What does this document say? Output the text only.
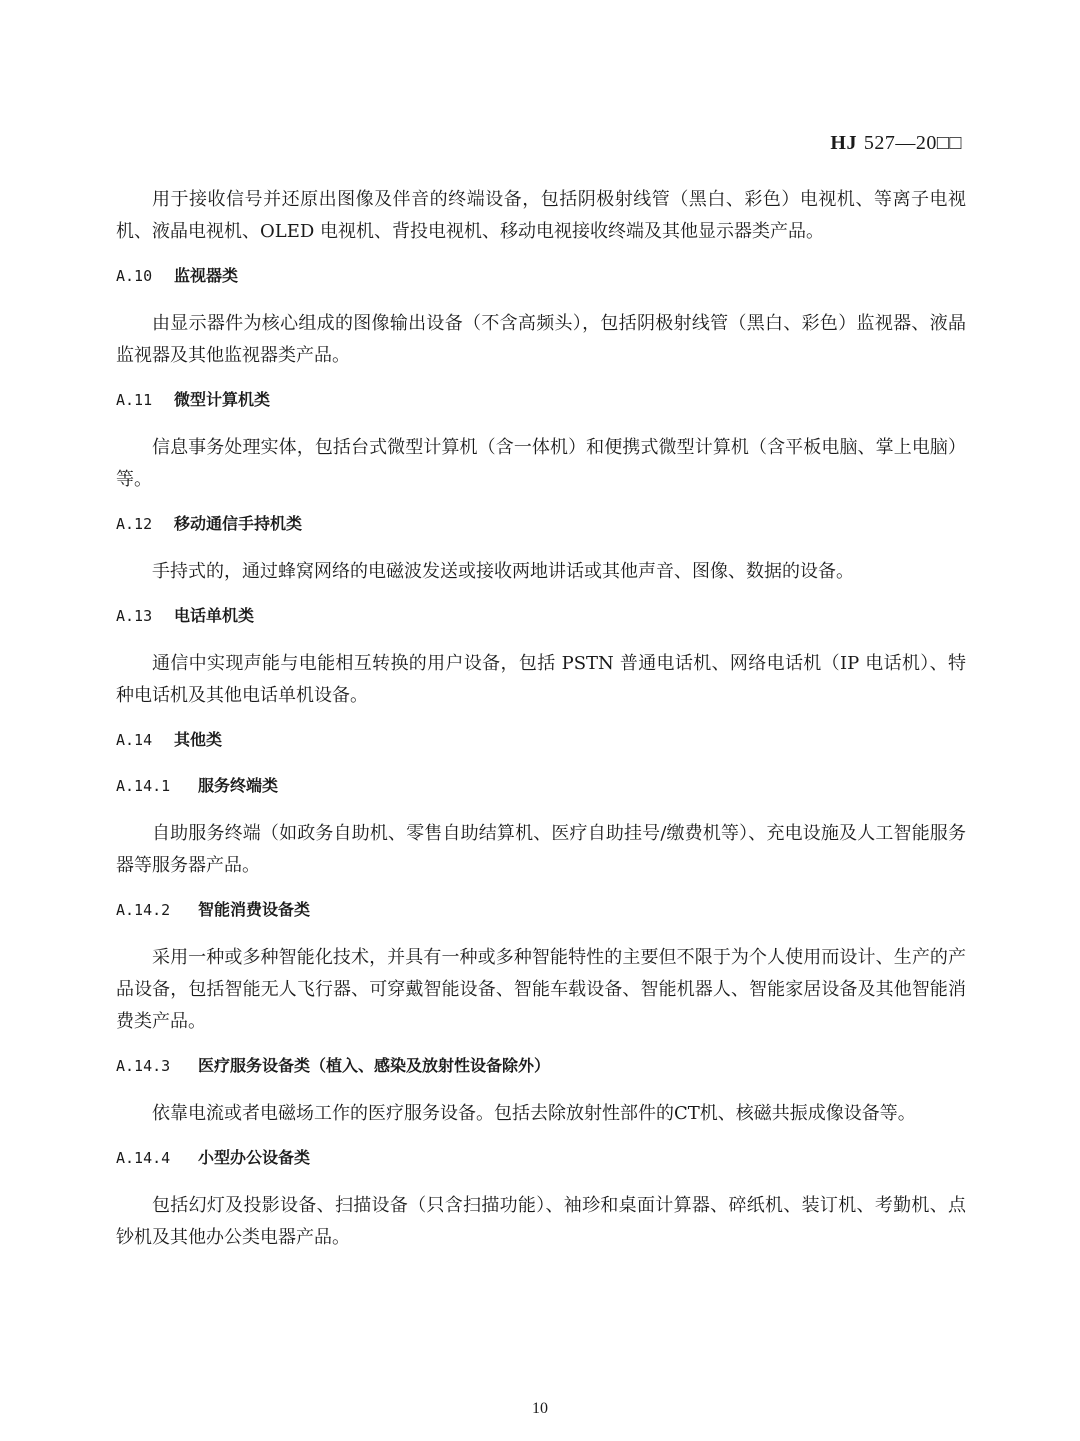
HJ 527—20□□

用于接收信号并还原出图像及伴音的终端设备，包括阴极射线管（黑白、彩色）电视机、等离子电视机、液晶电视机、OLED 电视机、背投电视机、移动电视接收终端及其他显示器类产品。

A.10 监视器类

由显示器件为核心组成的图像输出设备（不含高频头），包括阴极射线管（黑白、彩色）监视器、液晶监视器及其他监视器类产品。

A.11 微型计算机类

信息事务处理实体，包括台式微型计算机（含一体机）和便携式微型计算机（含平板电脑、掌上电脑）等。

A.12 移动通信手持机类

手持式的，通过蜂窝网络的电磁波发送或接收两地讲话或其他声音、图像、数据的设备。

A.13 电话单机类

通信中实现声能与电能相互转换的用户设备，包括 PSTN 普通电话机、网络电话机（IP 电话机）、特种电话机及其他电话单机设备。

A.14 其他类
A.14.1 服务终端类

自助服务终端（如政务自助机、零售自助结算机、医疗自助挂号/缴费机等）、充电设施及人工智能服务器等服务器产品。

A.14.2 智能消费设备类

采用一种或多种智能化技术，并具有一种或多种智能特性的主要但不限于为个人使用而设计、生产的产品设备，包括智能无人飞行器、可穿戴智能设备、智能车载设备、智能机器人、智能家居设备及其他智能消费类产品。

A.14.3 医疗服务设备类（植入、感染及放射性设备除外）

依靠电流或者电磁场工作的医疗服务设备。包括去除放射性部件的CT机、核磁共振成像设备等。

A.14.4 小型办公设备类

包括幻灯及投影设备、扫描设备（只含扫描功能）、袖珍和桌面计算器、碎纸机、装订机、考勤机、点钞机及其他办公类电器产品。

10
